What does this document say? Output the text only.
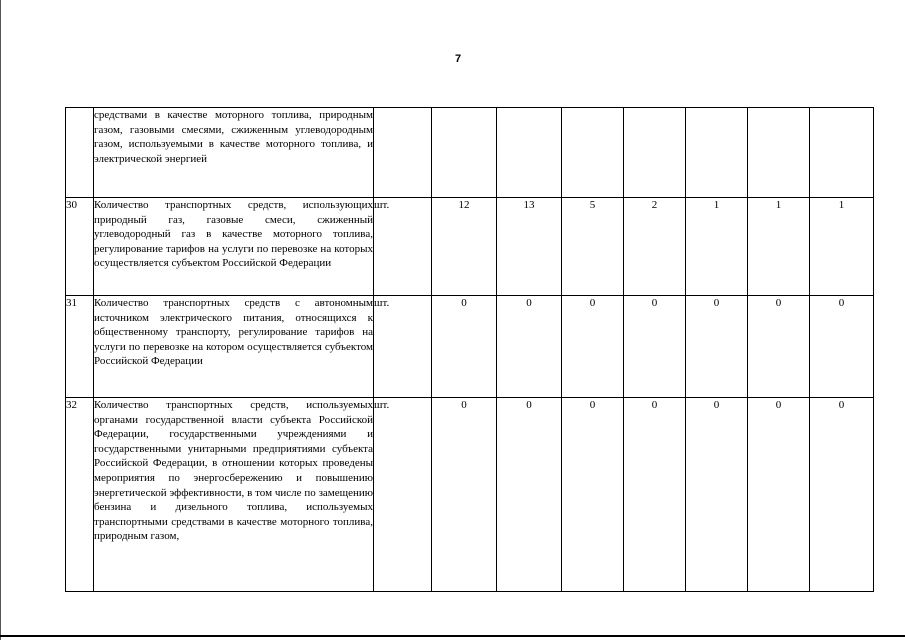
7
	средствами в качестве моторного топлива, природным газом, газовыми смесями, сжиженным углеводородным газом, используемыми в качестве моторного топлива, и электрической энергией								
30	Количество транспортных средств, использующих природный газ, газовые смеси, сжиженный углеводородный газ в качестве моторного топлива, регулирование тарифов на услуги по перевозке на которых осуществляется субъектом Российской Федерации	шт.	12	13	5	2	1	1	1
31	Количество транспортных средств с автономным источником электрического питания, относящихся к общественному транспорту, регулирование тарифов на услуги по перевозке на котором осуществляется субъектом Российской Федерации	шт.	0	0	0	0	0	0	0
32	Количество транспортных средств, используемых органами государственной власти субъекта Российской Федерации, государственными учреждениями и государственными унитарными предприятиями субъекта Российской Федерации, в отношении которых проведены мероприятия по энергосбережению и повышению энергетической эффективности, в том числе по замещению бензина и дизельного топлива, используемых транспортными средствами в качестве моторного топлива, природным газом,	шт.	0	0	0	0	0	0	0
